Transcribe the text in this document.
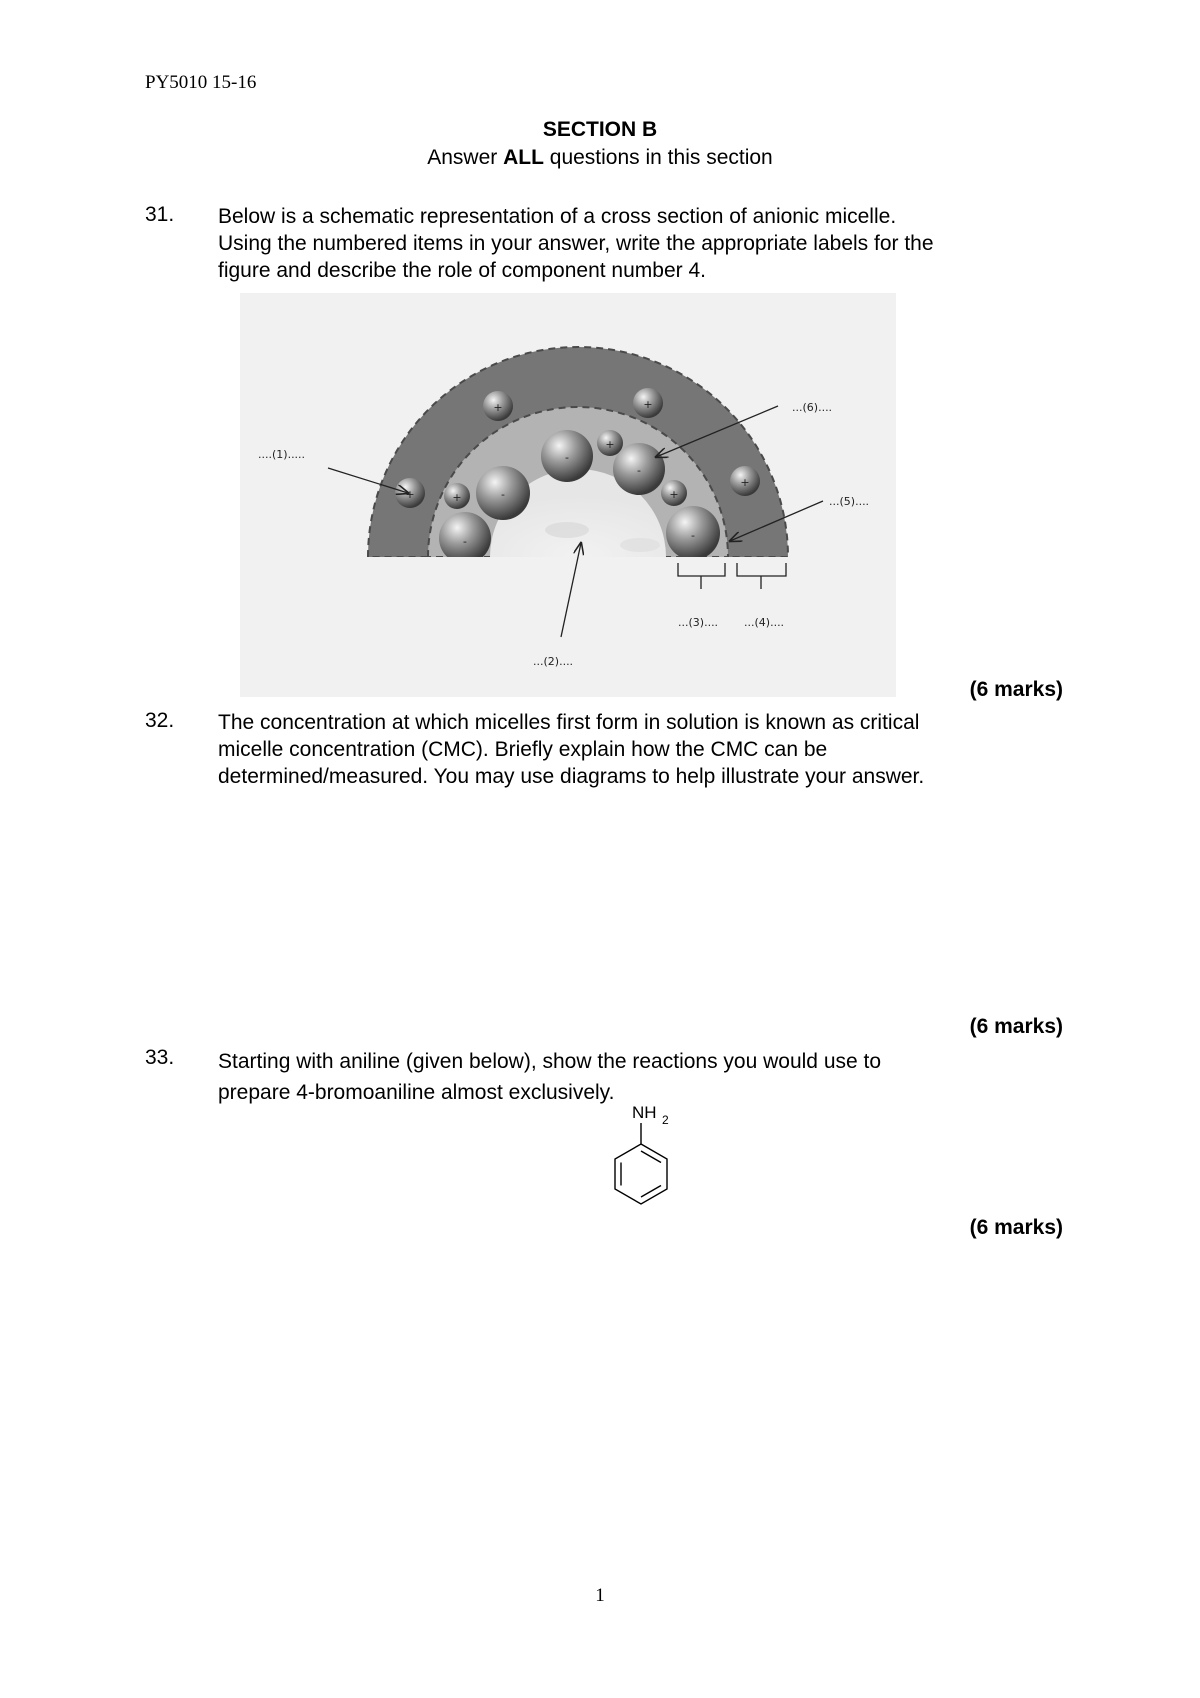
PY5010 15-16
SECTION B
Answer ALL questions in this section
31. Below is a schematic representation of a cross section of anionic micelle.
Using the numbered items in your answer, write the appropriate labels for the
figure and describe the role of component number 4.
+	+
+	+
+
+
+
-
-
-
-	-
....(1).....
...(2)....
...(3).... ...(4)....
...(5)....
...(6)....
(6 marks)
32. The concentration at which micelles first form in solution is known as critical
micelle concentration (CMC). Briefly explain how the CMC can be
determined/measured. You may use diagrams to help illustrate your answer.
(6 marks)
33. Starting with aniline (given below), show the reactions you would use to
prepare 4-bromoaniline almost exclusively.
NH 2
(6 marks)
1
